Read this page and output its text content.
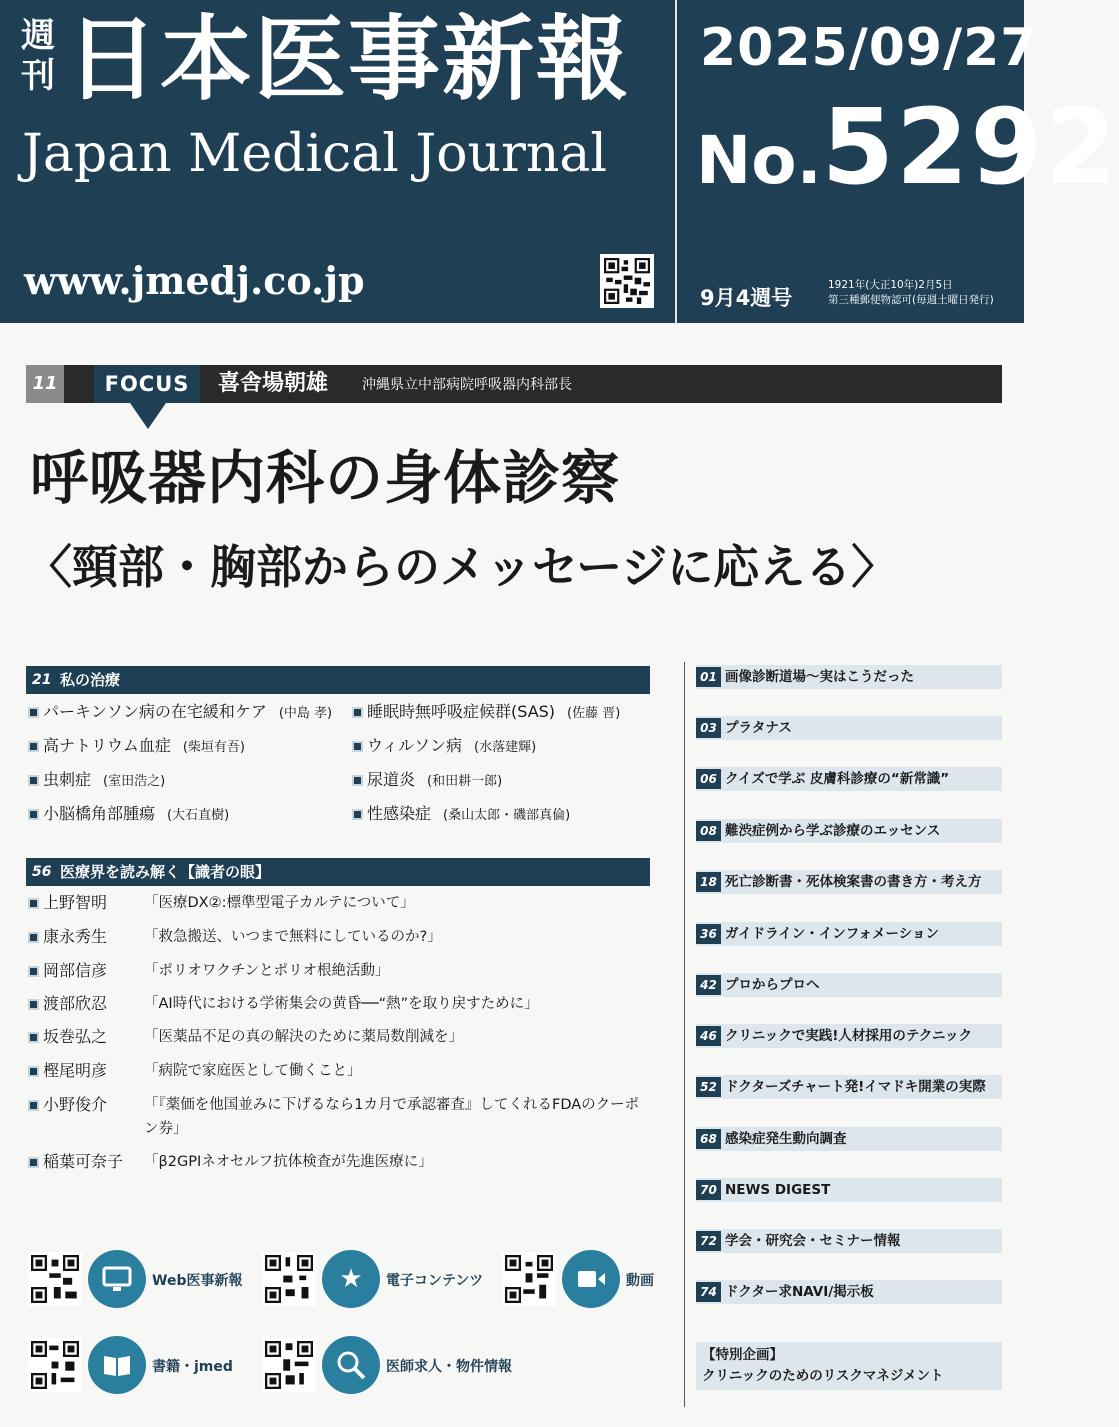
週刊 日本医事新報
Japan Medical Journal
www.jmedj.co.jp
2025/09/27
No.5292
9月4週号
1921年(大正10年)2月5日
第三種郵便物認可(毎週土曜日発行)
11	FOCUS	喜舎場朝雄 沖縄県立中部病院呼吸器内科部長
呼吸器内科の身体診察
〈頸部・胸部からのメッセージに応える〉
21 私の治療
パーキンソン病の在宅緩和ケア (中島 孝)	睡眠時無呼吸症候群(SAS) (佐藤 晋)
高ナトリウム血症 (柴垣有吾)	ウィルソン病 (水落建輝)
虫刺症 (室田浩之)	尿道炎 (和田耕一郎)
小脳橋角部腫瘍 (大石直樹)	性感染症 (桑山太郎・磯部真倫)
56 医療界を読み解く【識者の眼】
上野智明	「医療DX②:標準型電子カルテについて」
康永秀生	「救急搬送、いつまで無料にしているのか?」
岡部信彦	「ポリオワクチンとポリオ根絶活動」
渡部欣忍	「AI時代における学術集会の黄昏──“熱”を取り戻すために」
坂巻弘之	「医薬品不足の真の解決のために薬局数削減を」
樫尾明彦	「病院で家庭医として働くこと」
小野俊介	「『薬価を他国並みに下げるなら1カ月で承認審査』してくれるFDAのクーポン券」
稲葉可奈子 「β2GPⅠネオセルフ抗体検査が先進医療に」
01 画像診断道場〜実はこうだった
03 プラタナス
06 クイズで学ぶ 皮膚科診療の“新常識”
08 難渋症例から学ぶ診療のエッセンス
18 死亡診断書・死体検案書の書き方・考え方
36 ガイドライン・インフォメーション
42 プロからプロへ
46 クリニックで実践!人材採用のテクニック
52 ドクターズチャート発!イマドキ開業の実際
68 感染症発生動向調査
70 NEWS DIGEST
72 学会・研究会・セミナー情報
74 ドクター求NAVI/掲示板
【特別企画】
クリニックのためのリスクマネジメント
Web医事新報	★	電子コンテンツ	動画
書籍・jmed	医師求人・物件情報
